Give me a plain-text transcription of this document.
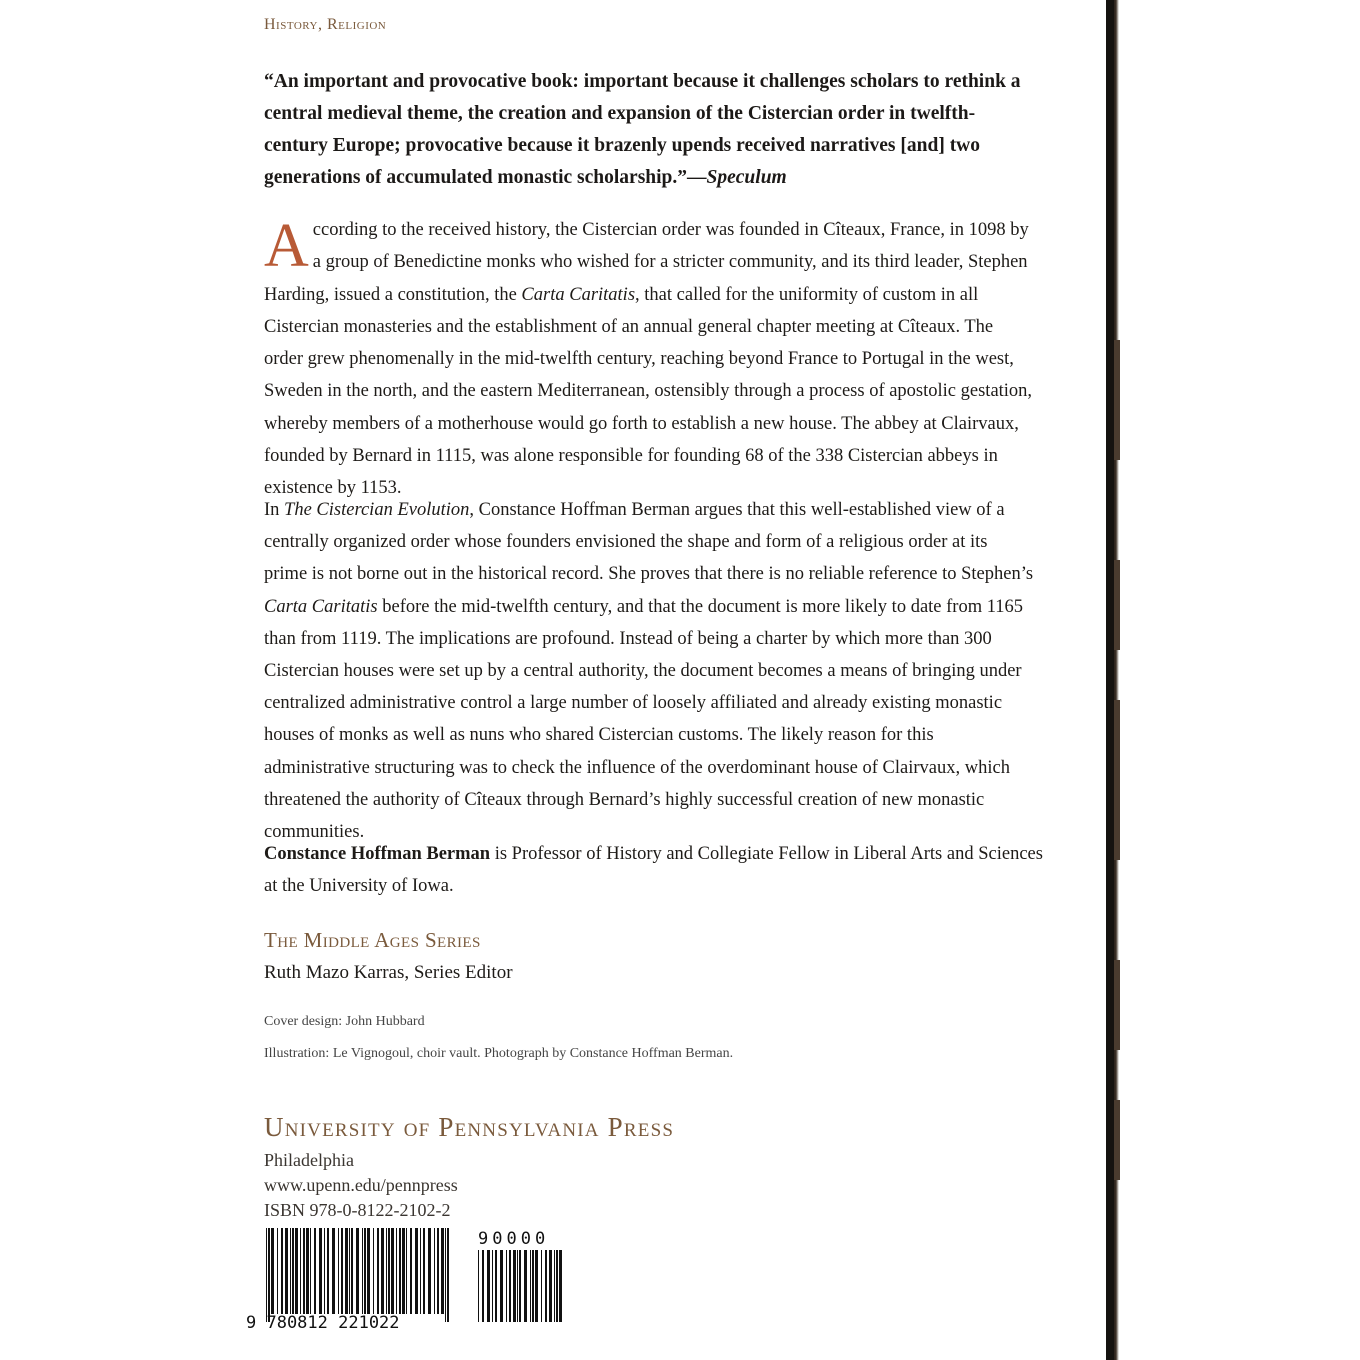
History, Religion
“An important and provocative book: important because it challenges scholars to rethink a central medieval theme, the creation and expansion of the Cistercian order in twelfth-century Europe; provocative because it brazenly upends received narratives [and] two generations of accumulated monastic scholarship.”—Speculum
According to the received history, the Cistercian order was founded in Cîteaux, France, in 1098 by a group of Benedictine monks who wished for a stricter community, and its third leader, Stephen Harding, issued a constitution, the Carta Caritatis, that called for the uniformity of custom in all Cistercian monasteries and the establishment of an annual general chapter meeting at Cîteaux. The order grew phenomenally in the mid-twelfth century, reaching beyond France to Portugal in the west, Sweden in the north, and the eastern Mediterranean, ostensibly through a process of apostolic gestation, whereby members of a motherhouse would go forth to establish a new house. The abbey at Clairvaux, founded by Bernard in 1115, was alone responsible for founding 68 of the 338 Cistercian abbeys in existence by 1153.
In The Cistercian Evolution, Constance Hoffman Berman argues that this well-established view of a centrally organized order whose founders envisioned the shape and form of a religious order at its prime is not borne out in the historical record. She proves that there is no reliable reference to Stephen’s Carta Caritatis before the mid-twelfth century, and that the document is more likely to date from 1165 than from 1119. The implications are profound. Instead of being a charter by which more than 300 Cistercian houses were set up by a central authority, the document becomes a means of bringing under centralized administrative control a large number of loosely affiliated and already existing monastic houses of monks as well as nuns who shared Cistercian customs. The likely reason for this administrative structuring was to check the influence of the overdominant house of Clairvaux, which threatened the authority of Cîteaux through Bernard’s highly successful creation of new monastic communities.
Constance Hoffman Berman is Professor of History and Collegiate Fellow in Liberal Arts and Sciences at the University of Iowa.
The Middle Ages Series
Ruth Mazo Karras, Series Editor
Cover design: John Hubbard
Illustration: Le Vignogoul, choir vault. Photograph by Constance Hoffman Berman.
University of Pennsylvania Press
Philadelphia
www.upenn.edu/pennpress
ISBN 978-0-8122-2102-2
9 780812 221022
90000
